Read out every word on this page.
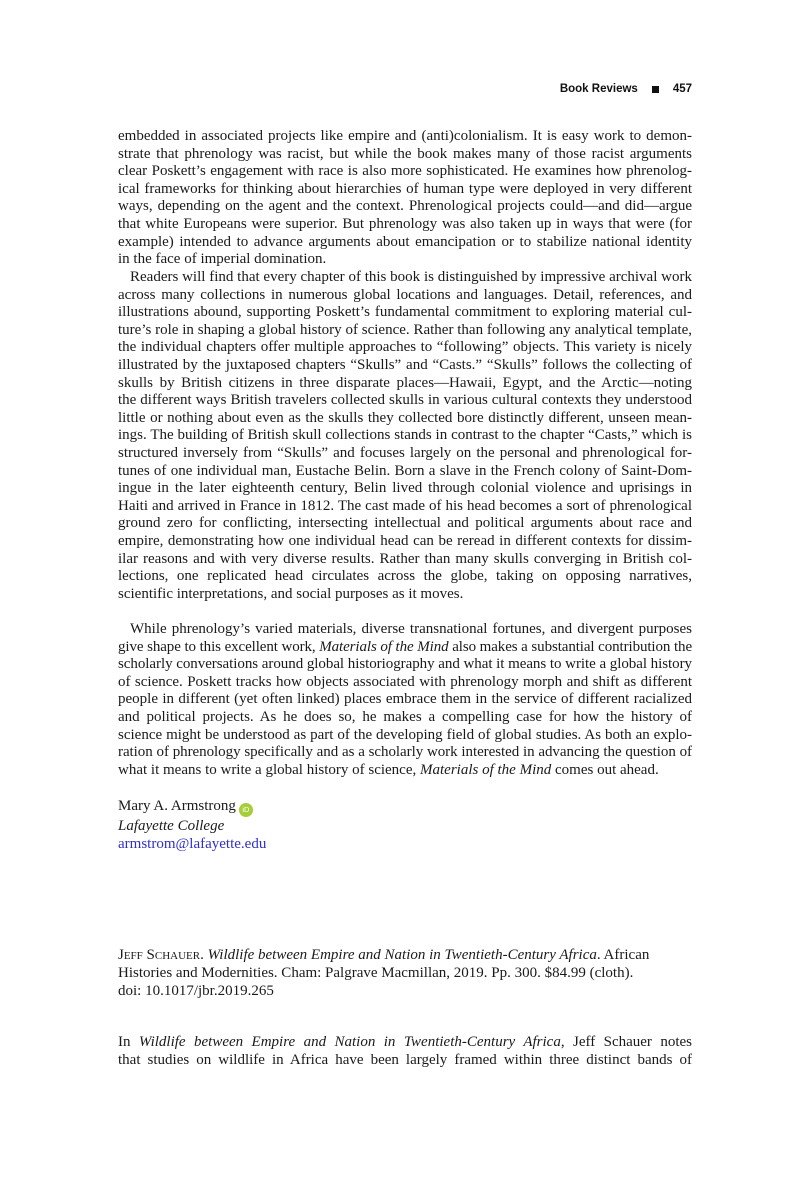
Book Reviews	457
embedded in associated projects like empire and (anti)colonialism. It is easy work to demon-
strate that phrenology was racist, but while the book makes many of those racist arguments
clear Poskett’s engagement with race is also more sophisticated. He examines how phrenolog-
ical frameworks for thinking about hierarchies of human type were deployed in very different
ways, depending on the agent and the context. Phrenological projects could—and did—argue
that white Europeans were superior. But phrenology was also taken up in ways that were (for
example) intended to advance arguments about emancipation or to stabilize national identity
in the face of imperial domination.
Readers will find that every chapter of this book is distinguished by impressive archival work
across many collections in numerous global locations and languages. Detail, references, and
illustrations abound, supporting Poskett’s fundamental commitment to exploring material cul-
ture’s role in shaping a global history of science. Rather than following any analytical template,
the individual chapters offer multiple approaches to “following” objects. This variety is nicely
illustrated by the juxtaposed chapters “Skulls” and “Casts.” “Skulls” follows the collecting of
skulls by British citizens in three disparate places—Hawaii, Egypt, and the Arctic—noting
the different ways British travelers collected skulls in various cultural contexts they understood
little or nothing about even as the skulls they collected bore distinctly different, unseen mean-
ings. The building of British skull collections stands in contrast to the chapter “Casts,” which is
structured inversely from “Skulls” and focuses largely on the personal and phrenological for-
tunes of one individual man, Eustache Belin. Born a slave in the French colony of Saint-Dom-
ingue in the later eighteenth century, Belin lived through colonial violence and uprisings in
Haiti and arrived in France in 1812. The cast made of his head becomes a sort of phrenological
ground zero for conflicting, intersecting intellectual and political arguments about race and
empire, demonstrating how one individual head can be reread in different contexts for dissim-
ilar reasons and with very diverse results. Rather than many skulls converging in British col-
lections, one replicated head circulates across the globe, taking on opposing narratives,
scientific interpretations, and social purposes as it moves.
While phrenology’s varied materials, diverse transnational fortunes, and divergent purposes
give shape to this excellent work, Materials of the Mind also makes a substantial contribution the
scholarly conversations around global historiography and what it means to write a global history
of science. Poskett tracks how objects associated with phrenology morph and shift as different
people in different (yet often linked) places embrace them in the service of different racialized
and political projects. As he does so, he makes a compelling case for how the history of
science might be understood as part of the developing field of global studies. As both an explo-
ration of phrenology specifically and as a scholarly work interested in advancing the question of
what it means to write a global history of science, Materials of the Mind comes out ahead.
Mary A. Armstrong iD
Lafayette College
armstrom@lafayette.edu
Jeff Schauer. Wildlife between Empire and Nation in Twentieth-Century Africa. African
Histories and Modernities. Cham: Palgrave Macmillan, 2019. Pp. 300. $84.99 (cloth).
doi: 10.1017/jbr.2019.265
In Wildlife between Empire and Nation in Twentieth-Century Africa, Jeff Schauer notes
that studies on wildlife in Africa have been largely framed within three distinct bands of
